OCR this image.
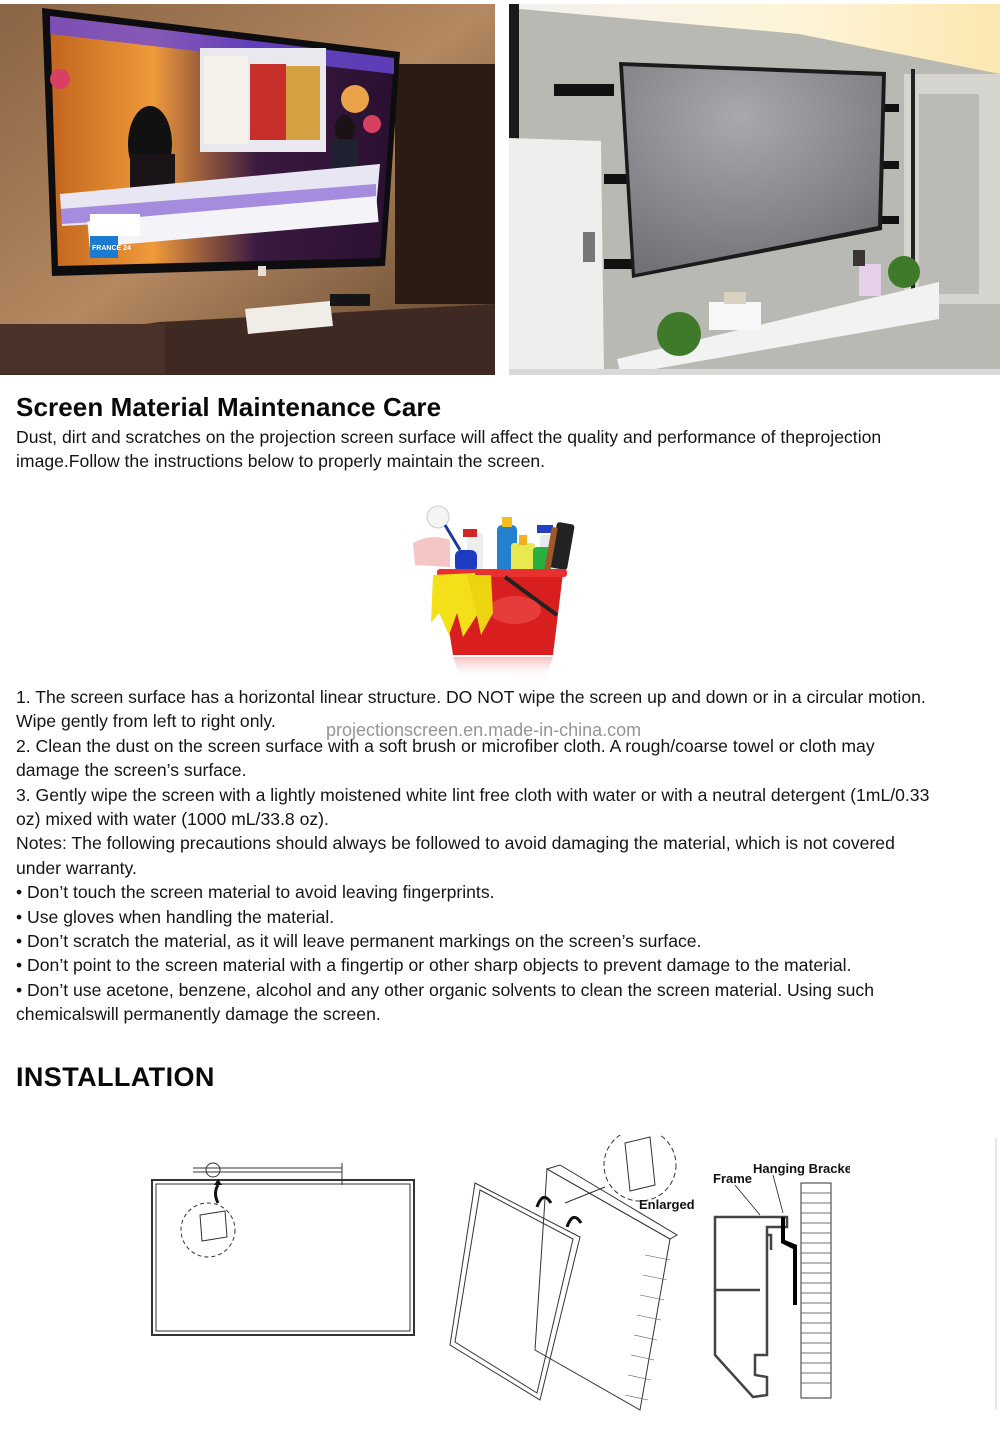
FRANCE 24
Screen Material Maintenance Care
Dust, dirt and scratches on the projection screen surface will affect the quality and performance of theprojection
image.Follow the instructions below to properly maintain the screen.
1. The screen surface has a horizontal linear structure. DO NOT wipe the screen up and down or in a circular motion.
Wipe gently from left to right only.
2. Clean the dust on the screen surface with a soft brush or microfiber cloth. A rough/coarse towel or cloth may
damage the screen’s surface.
3. Gently wipe the screen with a lightly moistened white lint free cloth with water or with a neutral detergent (1mL/0.33
oz) mixed with water (1000 mL/33.8 oz).
Notes: The following precautions should always be followed to avoid damaging the material, which is not covered
under warranty.
• Don’t touch the screen material to avoid leaving fingerprints.
• Use gloves when handling the material.
• Don’t scratch the material, as it will leave permanent markings on the screen’s surface.
• Don’t point to the screen material with a fingertip or other sharp objects to prevent damage to the material.
• Don’t use acetone, benzene, alcohol and any other organic solvents to clean the screen material. Using such
chemicalswill permanently damage the screen.
projectionscreen.en.made-in-china.com
INSTALLATION
Enlarged
Frame
Hanging Bracket
